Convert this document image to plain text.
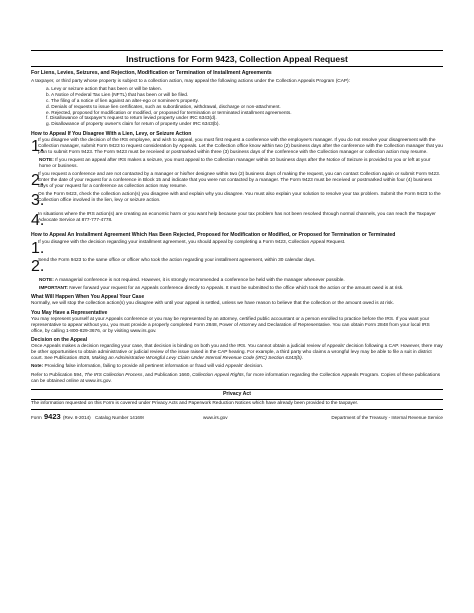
Instructions for Form 9423, Collection Appeal Request
For Liens, Levies, Seizures, and Rejection, Modification or Termination of Installment Agreements

A taxpayer, or third party whose property is subject to a collection action, may appeal the following actions under the Collection Appeals Program (CAP):

a. Levy or seizure action that has been or will be taken.
b. A Notice of Federal Tax Lien (NFTL) that has been or will be filed.
c. The filing of a notice of lien against an alter-ego or nominee's property.
d. Denials of requests to issue lien certificates, such as subordination, withdrawal, discharge or non-attachment.
e. Rejected, proposed for modification or modified, or proposed for termination or terminated installment agreements.
f. Disallowance of taxpayer's request to return levied property under IRC 6343(d).
g. Disallowance of property owner's claim for return of property under IRC 6343(b).
How to Appeal If You Disagree With a Lien, Levy, or Seizure Action
1.

If you disagree with the decision of the IRS employee, and wish to appeal, you must first request a conference with the employee's manager. If you do not resolve your disagreement with the Collection manager, submit Form 9423 to request consideration by Appeals. Let the Collection office know within two (2) business days after the conference with the Collection manager that you plan to submit Form 9423. The Form 9423 must be received or postmarked within three (3) business days of the conference with the Collection manager or collection action may resume.

NOTE: If you request an appeal after IRS makes a seizure, you must appeal to the Collection manager within 10 business days after the Notice of Seizure is provided to you or left at your home or business.

2.

If you request a conference and are not contacted by a manager or his/her designee within two (2) business days of making the request, you can contact Collection again or submit Form 9423. Enter the date of your request for a conference in Block 15 and indicate that you were not contacted by a manager. The Form 9423 must be received or postmarked within four (4) business days of your request for a conference as collection action may resume.

3.

On the Form 9423, check the collection action(s) you disagree with and explain why you disagree. You must also explain your solution to resolve your tax problem. Submit the Form 9423 to the Collection office involved in the lien, levy or seizure action.

4.

In situations where the IRS action(s) are creating an economic harm or you want help because your tax problem has not been resolved through normal channels, you can reach the Taxpayer Advocate Service at 877-777-4778.

How to Appeal An Installment Agreement Which Has Been Rejected, Proposed for Modification or Modified, or Proposed for Termination or Terminated
1.

If you disagree with the decision regarding your installment agreement, you should appeal by completing a Form 9423, Collection Appeal Request.

2.

Send the Form 9423 to the same office or officer who took the action regarding your installment agreement, within 30 calendar days.

NOTE: A managerial conference is not required. However, it is strongly recommended a conference be held with the manager whenever possible.

IMPORTANT: Never forward your request for an Appeals conference directly to Appeals. It must be submitted to the office which took the action or the amount owed is at risk.

What Will Happen When You Appeal Your Case

Normally, we will stop the collection action(s) you disagree with until your appeal is settled, unless we have reason to believe that the collection or the amount owed is at risk.

You May Have a Representative

You may represent yourself at your Appeals conference or you may be represented by an attorney, certified public accountant or a person enrolled to practice before the IRS. If you want your representative to appear without you, you must provide a properly completed Form 2848, Power of Attorney and Declaration of Representative. You can obtain Form 2848 from your local IRS office, by calling 1-800-829-3676, or by visiting www.irs.gov.

Decision on the Appeal

Once Appeals makes a decision regarding your case, that decision is binding on both you and the IRS. You cannot obtain a judicial review of Appeals' decision following a CAP. However, there may be other opportunities to obtain administrative or judicial review of the issue raised in the CAP hearing. For example, a third party who claims a wrongful levy may be able to file a suit in district court. See Publication 4528, Making an Administrative Wrongful Levy Claim Under Internal Revenue Code (IRC) Section 6343(b).

Note: Providing false information, failing to provide all pertinent information or fraud will void Appeals' decision.

Refer to Publication 594, The IRS Collection Process, and Publication 1660, Collection Appeal Rights, for more information regarding the Collection Appeals Program. Copies of these publications can be obtained online at www.irs.gov.

Privacy Act

The information requested on this Form is covered under Privacy Acts and Paperwork Reduction Notices which have already been provided to the taxpayer.

Form 9423 (Rev. 8-2014) Catalog Number 14169I	www.irs.gov	Department of the Treasury - Internal Revenue Service
